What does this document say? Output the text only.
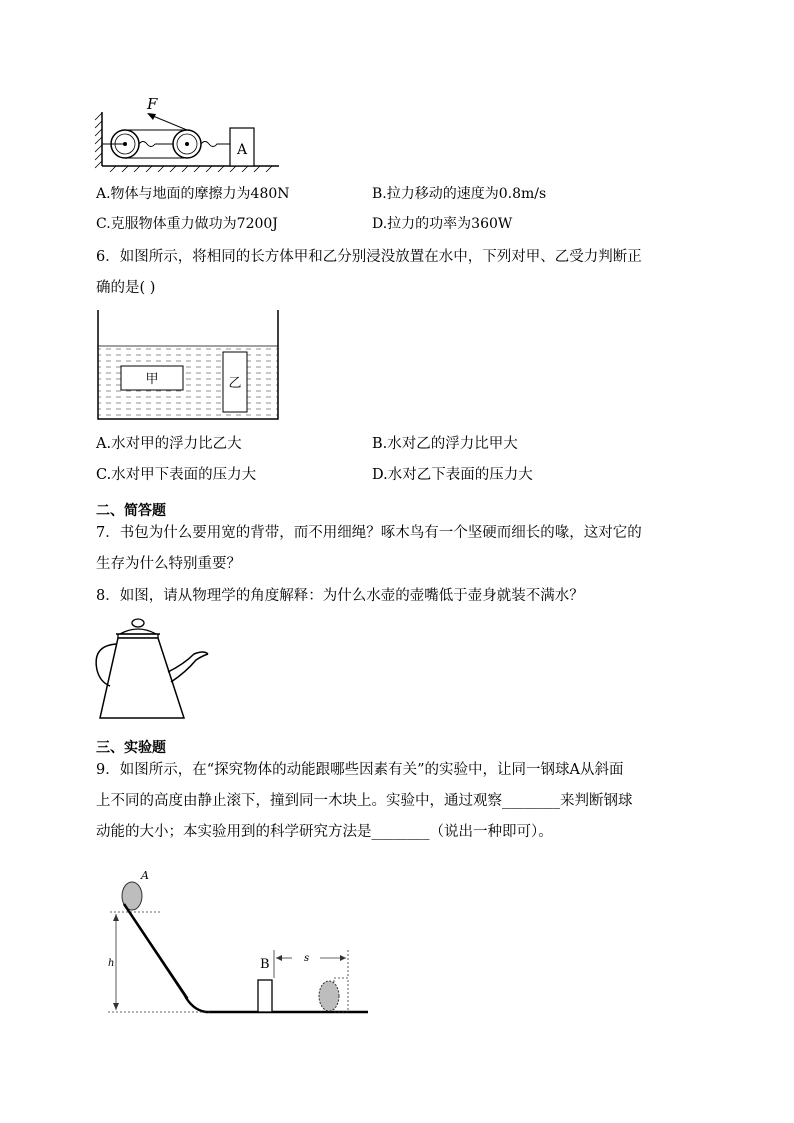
F
A
A.物体与地面的摩擦力为480N	B.拉力移动的速度为0.8m/s
C.克服物体重力做功为7200J	D.拉力的功率为360W
6．如图所示，将相同的长方体甲和乙分别浸没放置在水中，下列对甲、乙受力判断正
确的是( )
甲	乙
A.水对甲的浮力比乙大	B.水对乙的浮力比甲大
C.水对甲下表面的压力大	D.水对乙下表面的压力大
二、简答题
7．书包为什么要用宽的背带，而不用细绳？啄木鸟有一个坚硬而细长的喙，这对它的
生存为什么特别重要？
8．如图，请从物理学的角度解释：为什么水壶的壶嘴低于壶身就装不满水？
三、实验题
9．如图所示，在“探究物体的动能跟哪些因素有关”的实验中，让同一钢球A从斜面
上不同的高度由静止滚下，撞到同一木块上。实验中，通过观察________来判断钢球
动能的大小；本实验用到的科学研究方法是________（说出一种即可）。
A
h	B	s
